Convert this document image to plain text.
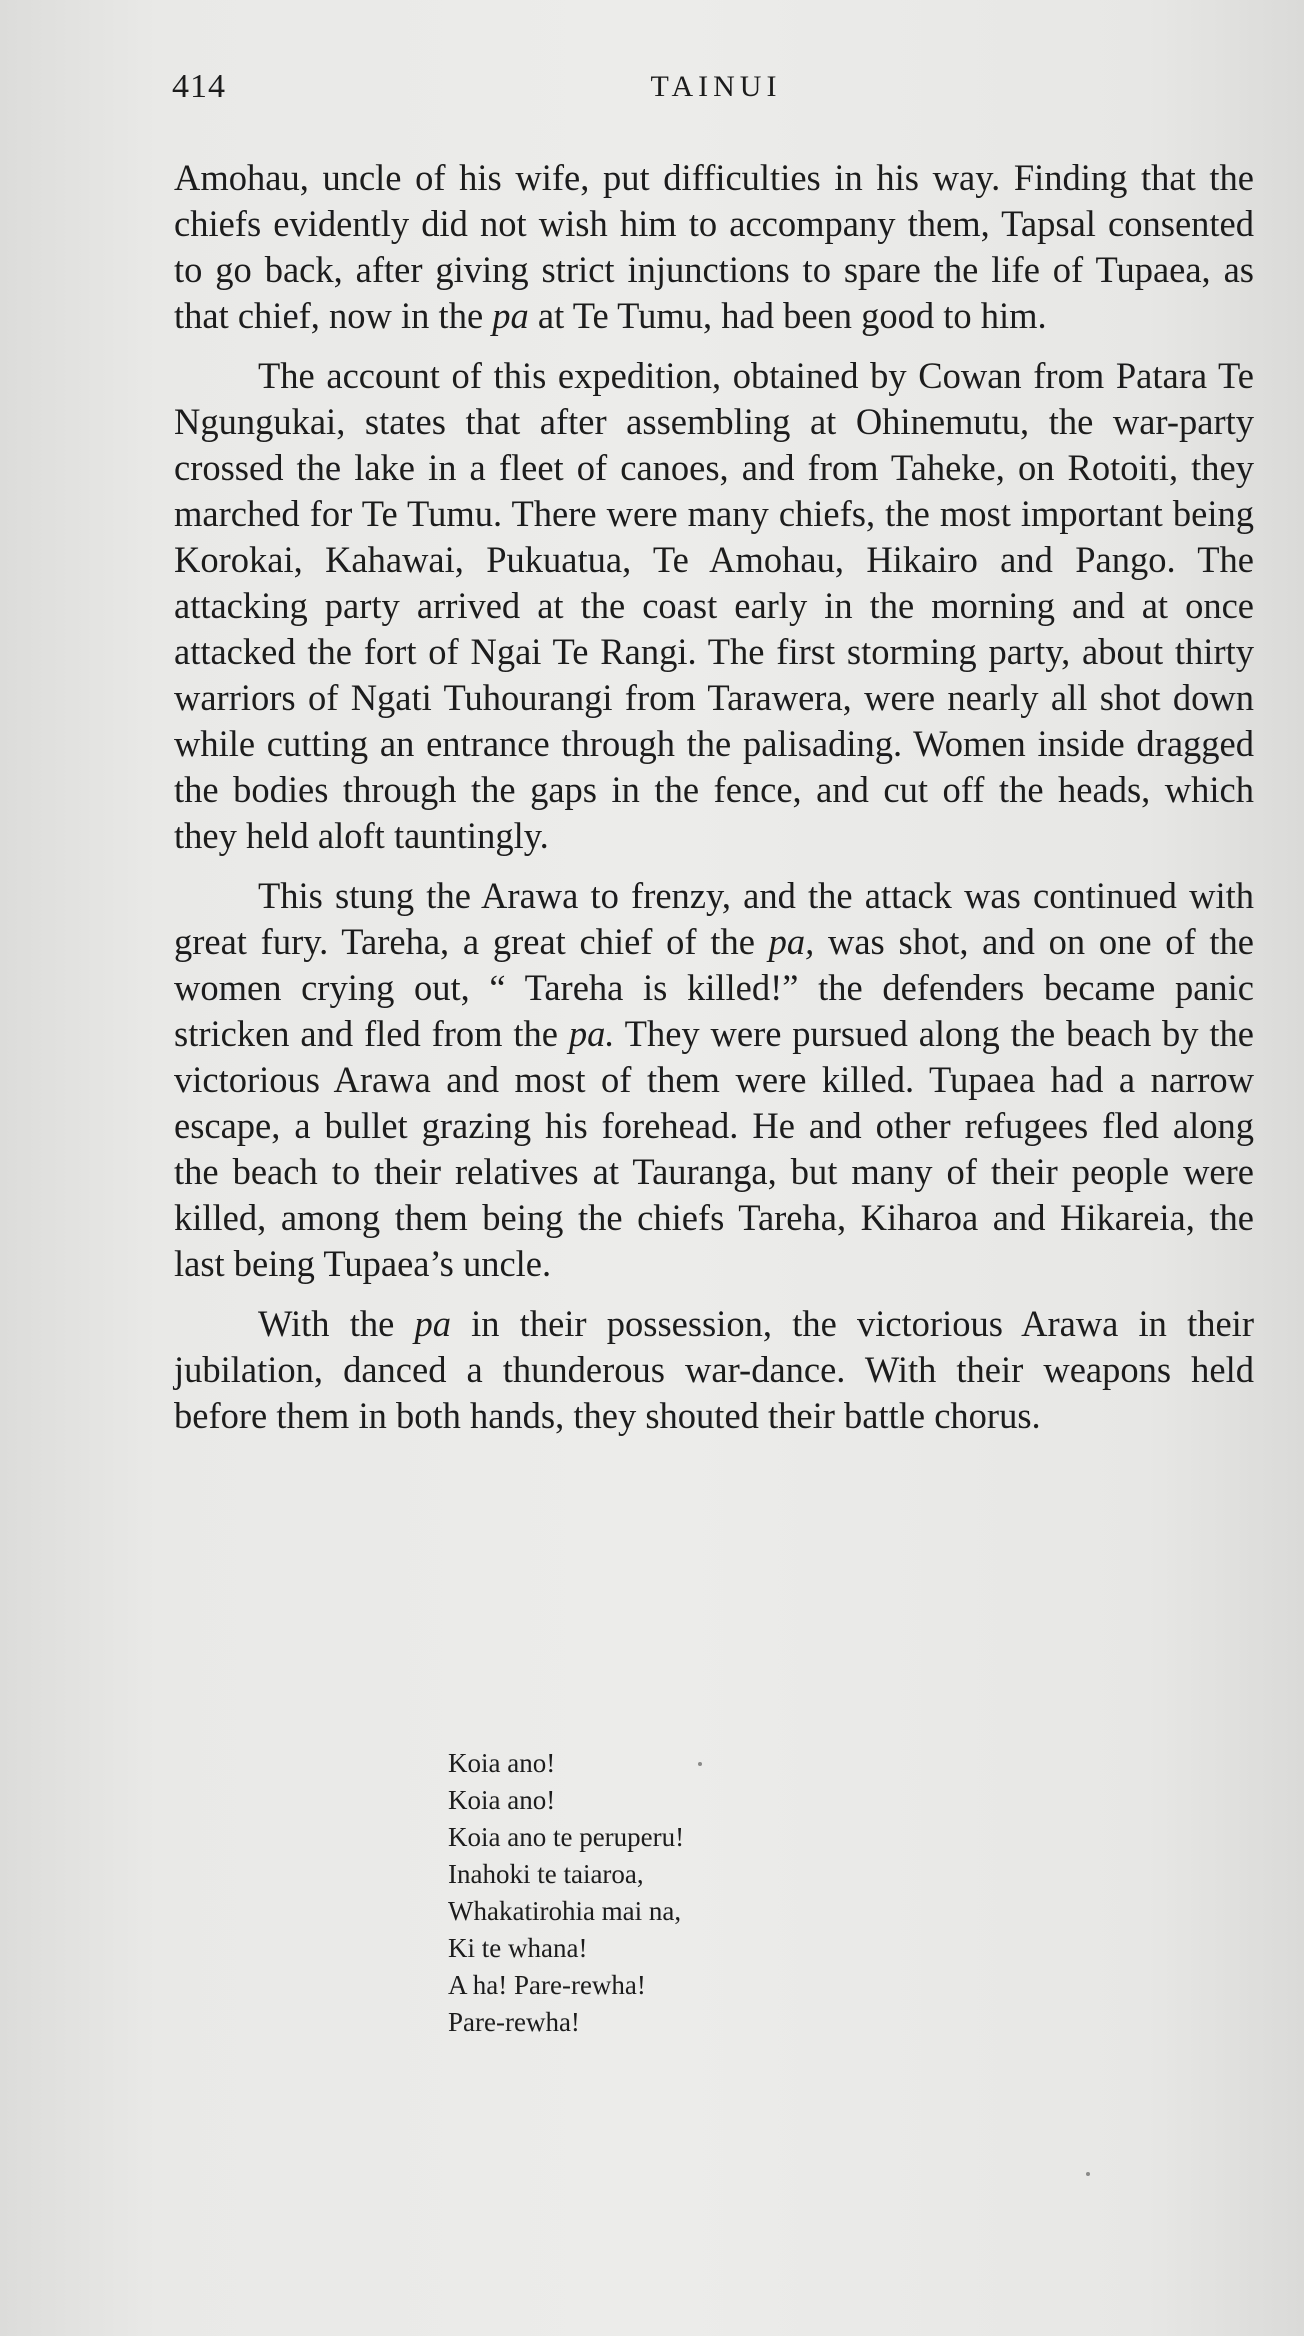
414	TAINUI

Amohau, uncle of his wife, put difficulties in his way. Finding that the chiefs evidently did not wish him to accompany them, Tapsal consented to go back, after giving strict injunctions to spare the life of Tupaea, as that chief, now in the pa at Te Tumu, had been good to him.

The account of this expedition, obtained by Cowan from Patara Te Ngungukai, states that after assembling at Ohinemutu, the war-party crossed the lake in a fleet of canoes, and from Taheke, on Rotoiti, they marched for Te Tumu. There were many chiefs, the most important being Korokai, Kahawai, Pukuatua, Te Amohau, Hikairo and Pango. The attacking party arrived at the coast early in the morning and at once attacked the fort of Ngai Te Rangi. The first storming party, about thirty warriors of Ngati Tuhourangi from Tarawera, were nearly all shot down while cutting an entrance through the palisading. Women inside dragged the bodies through the gaps in the fence, and cut off the heads, which they held aloft tauntingly.

This stung the Arawa to frenzy, and the attack was continued with great fury. Tareha, a great chief of the pa, was shot, and on one of the women crying out, “ Tareha is killed!” the defenders became panic stricken and fled from the pa. They were pursued along the beach by the victorious Arawa and most of them were killed. Tupaea had a narrow escape, a bullet grazing his forehead. He and other refugees fled along the beach to their relatives at Tauranga, but many of their people were killed, among them being the chiefs Tareha, Kiharoa and Hikareia, the last being Tupaea’s uncle.

With the pa in their possession, the victorious Arawa in their jubilation, danced a thunderous war-dance. With their weapons held before them in both hands, they shouted their battle chorus.

Koia ano!
Koia ano!
Koia ano te peruperu!
Inahoki te taiaroa,
Whakatirohia mai na,
Ki te whana!
A ha! Pare-rewha!
Pare-rewha!
